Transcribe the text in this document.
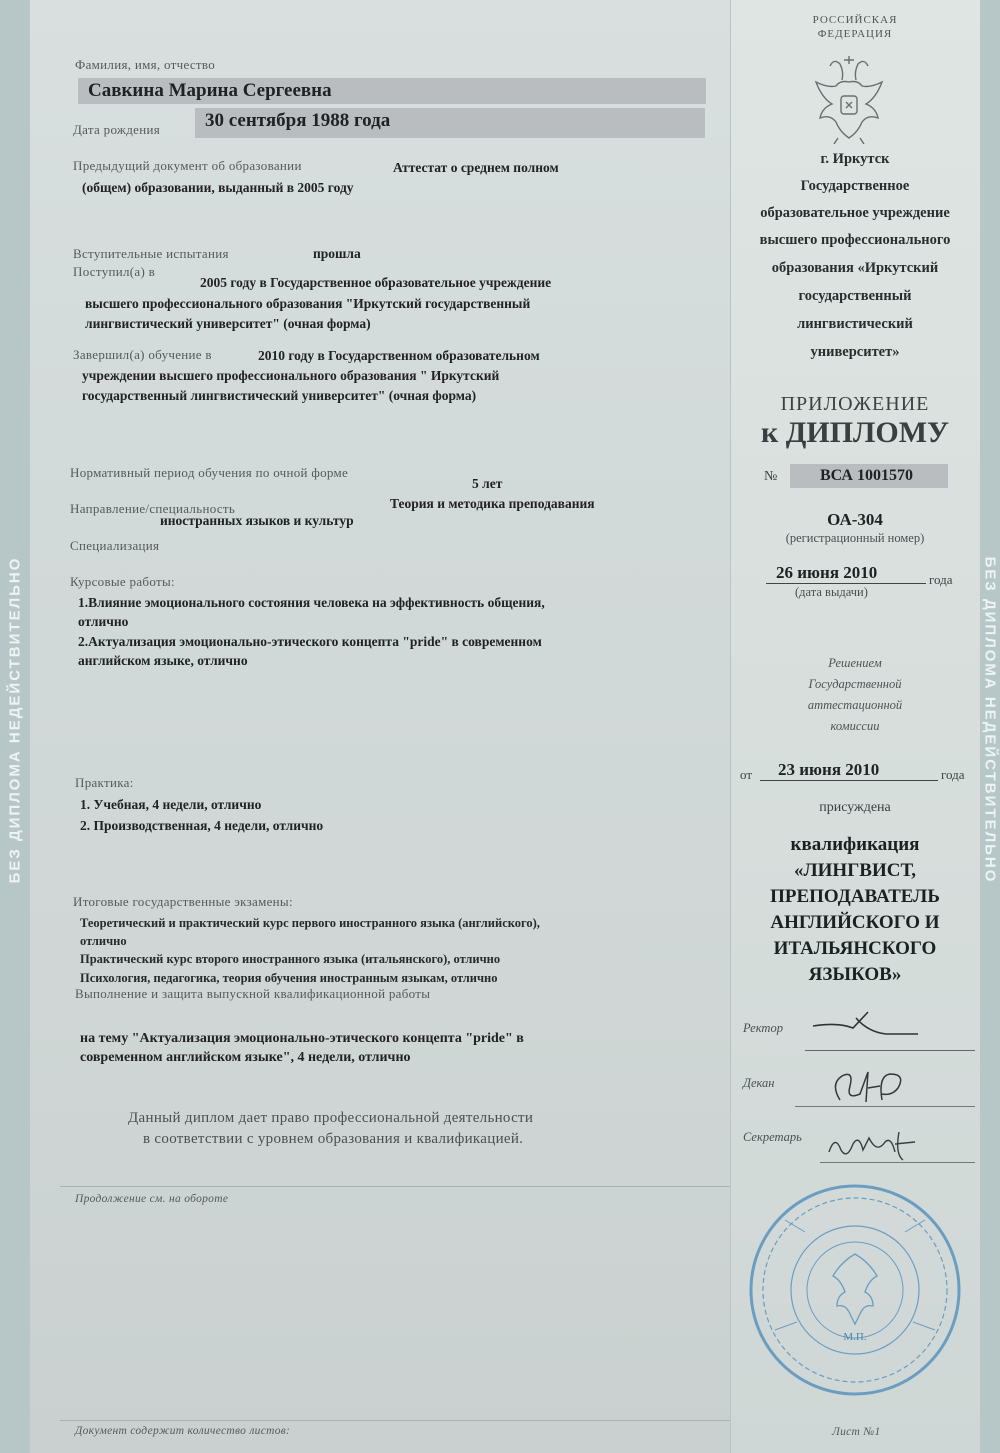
БЕЗ ДИПЛОМА НЕДЕЙСТВИТЕЛЬНО	БЕЗ ДИПЛОМА НЕДЕЙСТВИТЕЛЬНО
Фамилия, имя, отчество
Савкина Марина Сергеевна
Дата рождения 30 сентября 1988 года
Предыдущий документ об образовании	Аттестат о среднем полном
(общем) образовании, выданный в 2005 году
Вступительные испытания	прошла
Поступил(а) в
2005 году в Государственное образовательное учреждение
высшего профессионального образования "Иркутский государственный
лингвистический университет" (очная форма)
Завершил(а) обучение в	2010 году в Государственном образовательном
учреждении высшего профессионального образования " Иркутский
государственный лингвистический университет" (очная форма)
Нормативный период обучения по очной форме
5 лет
Направление/специальность	Теория и методика преподавания
иностранных языков и культур
Специализация
Курсовые работы:
1.Влияние эмоционального состояния человека на эффективность общения,
отлично
2.Актуализация эмоционально-этического концепта "pride" в современном
английском языке, отлично
Практика:
1. Учебная, 4 недели, отлично
2. Производственная, 4 недели, отлично
Итоговые государственные экзамены:
Теоретический и практический курс первого иностранного языка (английского),
отлично
Практический курс второго иностранного языка (итальянского), отлично
Психология, педагогика, теория обучения иностранным языкам, отлично
Выполнение и защита выпускной квалификационной работы
на тему "Актуализация эмоционально-этического концепта "pride" в
современном английском языке", 4 недели, отлично
Данный диплом дает право профессиональной деятельности
в соответствии с уровнем образования и квалификацией.
Продолжение см. на обороте
Документ содержит количество листов:
РОССИЙСКАЯ
ФЕДЕРАЦИЯ
г. Иркутск
Государственное
образовательное учреждение
высшего профессионального
образования «Иркутский
государственный
лингвистический
университет»
ПРИЛОЖЕНИЕ
к ДИПЛОМУ
№	ВСА 1001570
ОА-304
(регистрационный номер)
26 июня 2010	года
(дата выдачи)
Решением
Государственной
аттестационной
комиссии
от 23 июня 2010	года
присуждена
квалификация
«ЛИНГВИСТ,
ПРЕПОДАВАТЕЛЬ
АНГЛИЙСКОГО И
ИТАЛЬЯНСКОГО
ЯЗЫКОВ»
Ректор
Декан
Секретарь
М.П.
Лист №1
